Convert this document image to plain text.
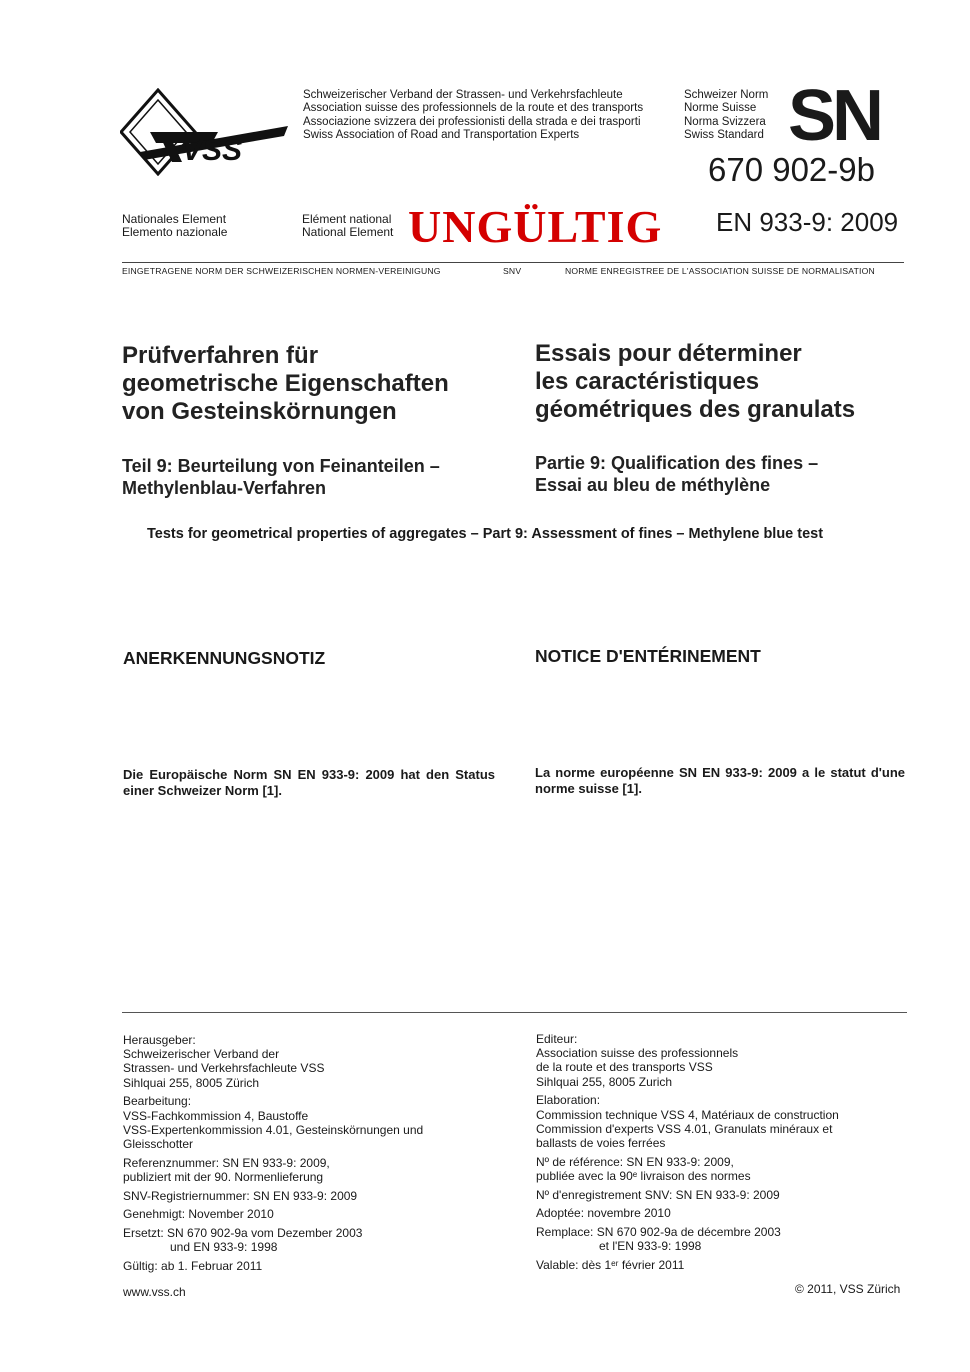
VSS
Schweizerischer Verband der Strassen- und Verkehrsfachleute
Association suisse des professionnels de la route et des transports
Associazione svizzera dei professionisti della strada e dei trasporti
Swiss Association of Road and Transportation Experts
Schweizer Norm
Norme Suisse
Norma Svizzera
Swiss Standard SN
670 902-9b
Nationales Element
Elemento nazionale
Elément national
National Element UNGÜLTIG EN 933-9: 2009
EINGETRAGENE NORM DER SCHWEIZERISCHEN NORMEN-VEREINIGUNG	SNV	NORME ENREGISTREE DE L'ASSOCIATION SUISSE DE NORMALISATION
Prüfverfahren für
geometrische Eigenschaften
von Gesteinskörnungen
Essais pour déterminer
les caractéristiques
géométriques des granulats
Teil 9: Beurteilung von Feinanteilen –
Methylenblau-Verfahren
Partie 9: Qualification des fines –
Essai au bleu de méthylène
Tests for geometrical properties of aggregates – Part 9: Assessment of fines – Methylene blue test
ANERKENNUNGSNOTIZ	NOTICE D'ENTÉRINEMENT
Die Europäische Norm SN EN 933-9: 2009 hat den Status einer Schweizer Norm [1].
La norme européenne SN EN 933-9: 2009 a le statut d'une norme suisse [1].

Herausgeber:
Schweizerischer Verband der
Strassen- und Verkehrsfachleute VSS
Sihlquai 255, 8005 Zürich

Bearbeitung:
VSS-Fachkommission 4, Baustoffe
VSS-Expertenkommission 4.01, Gesteinskörnungen und
Gleisschotter

Referenznummer: SN EN 933-9: 2009,
publiziert mit der 90. Normenlieferung

SNV-Registriernummer: SN EN 933-9: 2009

Genehmigt: November 2010

Ersetzt: SN 670 902-9a vom Dezember 2003
und EN 933-9: 1998

Gültig: ab 1. Februar 2011

Editeur:
Association suisse des professionnels
de la route et des transports VSS
Sihlquai 255, 8005 Zurich

Elaboration:
Commission technique VSS 4, Matériaux de construction
Commission d'experts VSS 4.01, Granulats minéraux et
ballasts de voies ferrées

Nº de référence: SN EN 933-9: 2009,
publiée avec la 90ᵉ livraison des normes

Nº d'enregistrement SNV: SN EN 933-9: 2009

Adoptée: novembre 2010

Remplace: SN 670 902-9a de décembre 2003
et l'EN 933-9: 1998

Valable: dès 1ᵉʳ février 2011

www.vss.ch	© 2011, VSS Zürich
